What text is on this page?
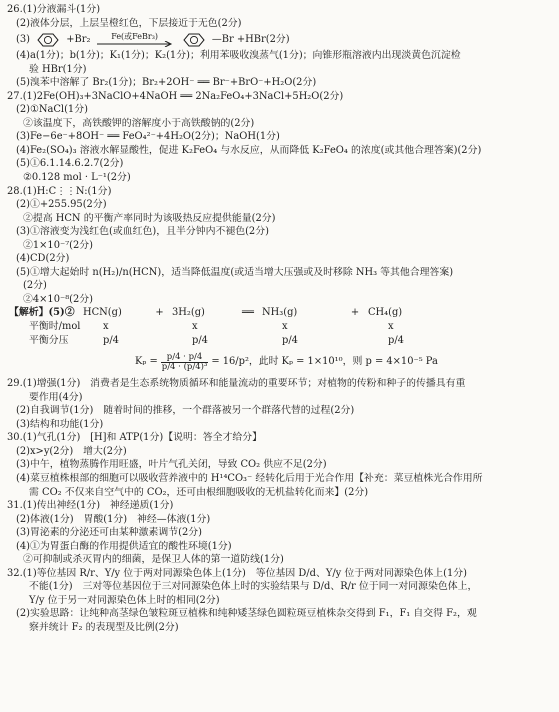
26.(1)分液漏斗(1分)
(2)液体分层，上层呈橙红色，下层接近于无色(2分)
(3)	+Br₂	Fe(或FeBr₃)	—Br +HBr(2分)
(4)a(1分)；b(1分)；K₁(1分)；K₂(1分)；利用苯吸收溴蒸气(1分)；向锥形瓶溶液内出现淡黄色沉淀检
验 HBr(1分)
(5)溴苯中溶解了 Br₂(1分)；Br₂+2OH⁻ ══ Br⁻+BrO⁻+H₂O(2分)
27.(1)2Fe(OH)₃+3NaClO+4NaOH ══ 2Na₂FeO₄+3NaCl+5H₂O(2分)
(2)①NaCl(1分)
②该温度下，高铁酸钾的溶解度小于高铁酸钠的(2分)
(3)Fe−6e⁻+8OH⁻ ══ FeO₄²⁻+4H₂O(2分)；NaOH(1分)
(4)Fe₂(SO₄)₃ 溶液水解显酸性，促进 K₂FeO₄ 与水反应，从而降低 K₂FeO₄ 的浓度(或其他合理答案)(2分)
(5)①6.1.14.6.2.7(2分)
②0.128 mol · L⁻¹(2分)
28.(1)H:C⋮⋮N:(1分)
(2)①+255.95(2分)
②提高 HCN 的平衡产率同时为该吸热反应提供能量(2分)
(3)①溶液变为浅红色(或血红色)，且半分钟内不褪色(2分)
②1×10⁻⁷(2分)
(4)CD(2分)
(5)①增大起始时 n(H₂)/n(HCN)，适当降低温度(或适当增大压强或及时移除 NH₃ 等其他合理答案)
(2分)
②4×10⁻⁸(2分)
【解析】(5)② HCN(g)	+ 3H₂(g)	══ NH₃(g)	+ CH₄(g)
平衡时/mol	x	x	x	x
平衡分压	p/4	p/4	p/4	p/4
$K_p = \frac{p/4 \cdot p/4}{\text{p/4 · (p/4)³}} = 16/p^2$，此时 Kₚ = 1×10¹⁰，则 p = 4×10⁻⁵ Pa
29.(1)增强(1分)　消费者是生态系统物质循环和能量流动的重要环节；对植物的传粉和种子的传播具有重
要作用(4分)
(2)自我调节(1分)　随着时间的推移，一个群落被另一个群落代替的过程(2分)
(3)结构和功能(1分)
30.(1)气孔(1分)　[H]和 ATP(1分)【说明：答全才给分】
(2)x>y(2分)　增大(2分)
(3)中午，植物蒸腾作用旺盛，叶片气孔关闭，导致 CO₂ 供应不足(2分)
(4)菜豆植株根部的细胞可以吸收营养液中的 H¹⁴CO₃⁻ 经转化后用于光合作用【补充：菜豆植株光合作用所
需 CO₂ 不仅来自空气中的 CO₂，还可由根细胞吸收的无机盐转化而来】(2分)
31.(1)传出神经(1分)　神经递质(1分)
(2)体液(1分)　胃酸(1分)　神经—体液(1分)
(3)胃泌素的分泌还可由某种激素调节(2分)
(4)①为胃蛋白酶的作用提供适宜的酸性环境(1分)
②可抑制或杀灭胃内的细菌，是保卫人体的第一道防线(1分)
32.(1)等位基因 R/r、Y/y 位于两对同源染色体上(1分)　等位基因 D/d、Y/y 位于两对同源染色体上(1分)
不能(1分)　三对等位基因位于三对同源染色体上时的实验结果与 D/d、R/r 位于同一对同源染色体上，
Y/y 位于另一对同源染色体上时的相同(2分)
(2)实验思路：让纯种高茎绿色皱粒斑豆植株和纯种矮茎绿色圆粒斑豆植株杂交得到 F₁，F₁ 自交得 F₂，观
察并统计 F₂ 的表现型及比例(2分)
